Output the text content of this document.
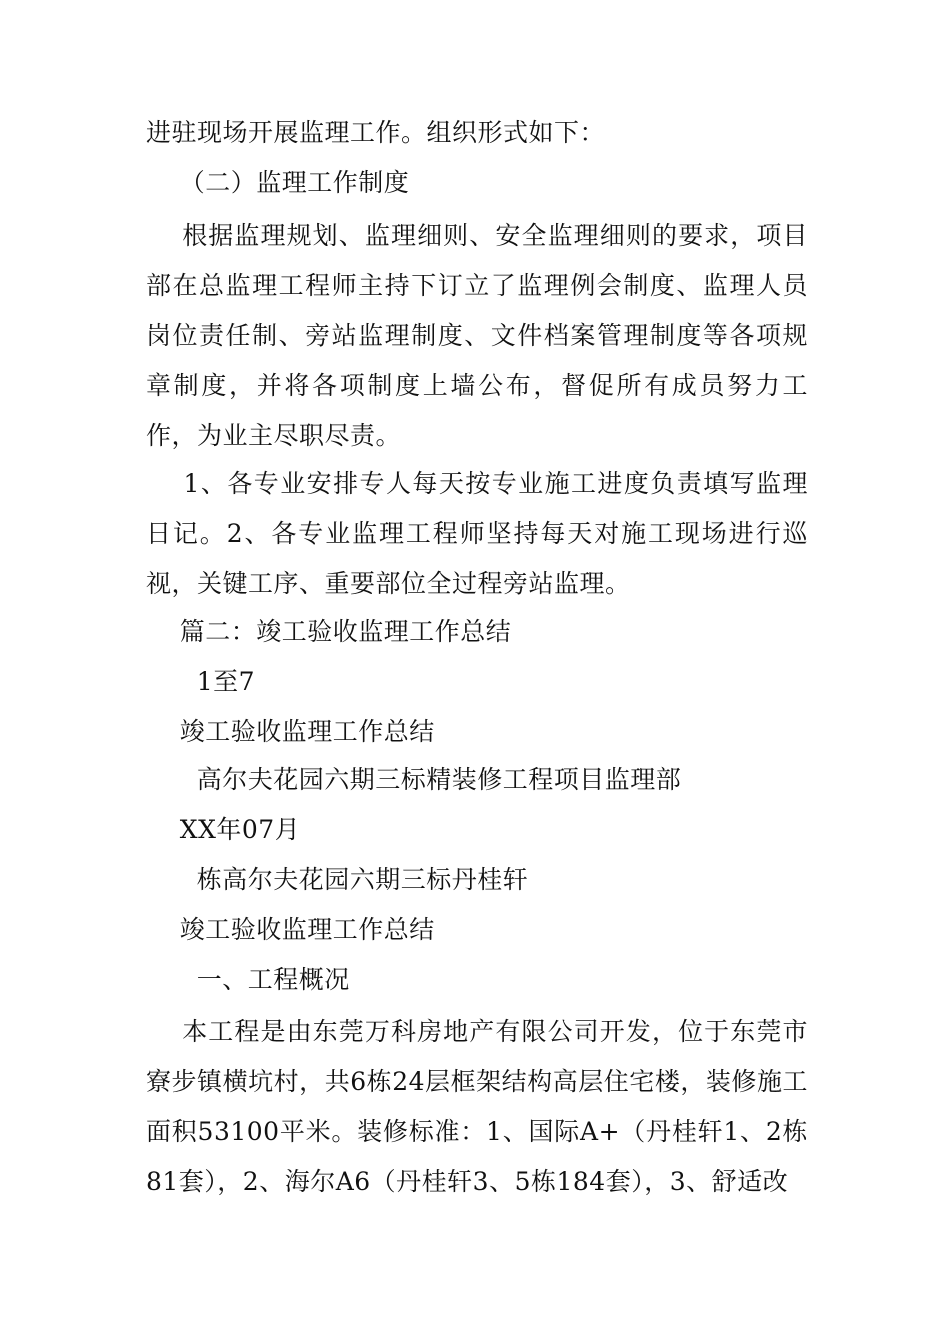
进驻现场开展监理工作。组织形式如下：
（二）监理工作制度
根据监理规划、监理细则、安全监理细则的要求，项目部在总监理工程师主持下订立了监理例会制度、监理人员岗位责任制、旁站监理制度、文件档案管理制度等各项规章制度，并将各项制度上墙公布，督促所有成员努力工作，为业主尽职尽责。
1、各专业安排专人每天按专业施工进度负责填写监理日记。2、各专业监理工程师坚持每天对施工现场进行巡视，关键工序、重要部位全过程旁站监理。
篇二：竣工验收监理工作总结
1至7
竣工验收监理工作总结
高尔夫花园六期三标精装修工程项目监理部
XX年07月
栋高尔夫花园六期三标丹桂轩
竣工验收监理工作总结
一、工程概况
本工程是由东莞万科房地产有限公司开发，位于东莞市寮步镇横坑村，共6栋24层框架结构高层住宅楼，装修施工面积53100平米。装修标准：1、国际A+（丹桂轩1、2栋81套），2、海尔A6（丹桂轩3、5栋184套），3、舒适改
